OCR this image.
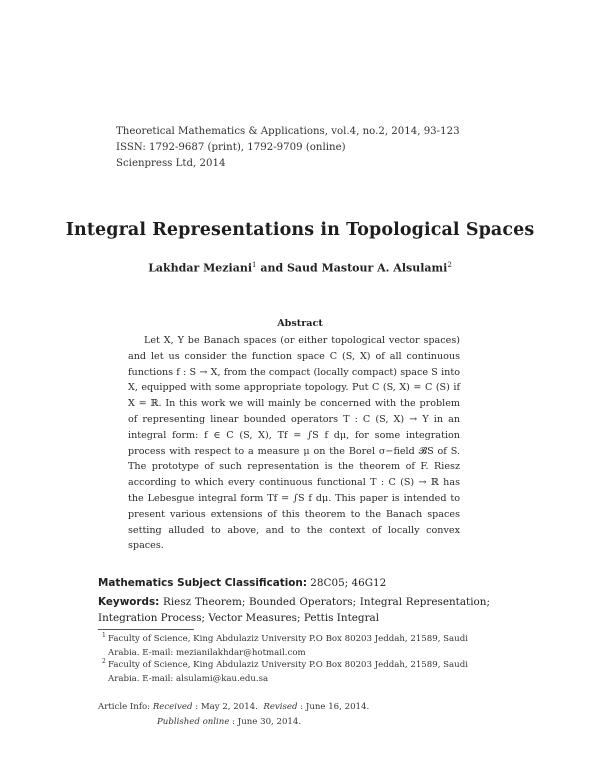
Theoretical Mathematics & Applications, vol.4, no.2, 2014, 93-123
ISSN: 1792-9687 (print), 1792-9709 (online)
Scienpress Ltd, 2014
Integral Representations in Topological Spaces
Lakhdar Meziani$^1$ and Saud Mastour A. Alsulami$^2$
Abstract
Let X, Y be Banach spaces (or either topological vector spaces) and let us consider the function space C (S, X) of all continuous functions f : S → X, from the compact (locally compact) space S into X, equipped with some appropriate topology. Put C (S, X) = C (S) if X = ℝ. In this work we will mainly be concerned with the problem of representing linear bounded operators T : C (S, X) → Y in an integral form: f ∈ C (S, X), Tf = ∫S f dμ, for some integration process with respect to a measure μ on the Borel σ−field 𝓑S of S. The prototype of such representation is the theorem of F. Riesz according to which every continuous functional T : C (S) → ℝ has the Lebesgue integral form Tf = ∫S f dμ. This paper is intended to present various extensions of this theorem to the Banach spaces setting alluded to above, and to the context of locally convex spaces.
Mathematics Subject Classification: 28C05; 46G12
Keywords: Riesz Theorem; Bounded Operators; Integral Representation; Integration Process; Vector Measures; Pettis Integral
1 Faculty of Science, King Abdulaziz University P.O Box 80203 Jeddah, 21589, Saudi Arabia. E-mail: mezianilakhdar@hotmail.com
2 Faculty of Science, King Abdulaziz University P.O Box 80203 Jeddah, 21589, Saudi Arabia. E-mail: alsulami@kau.edu.sa
Article Info: Received : May 2, 2014.  Revised : June 16, 2014.
Published online : June 30, 2014.
